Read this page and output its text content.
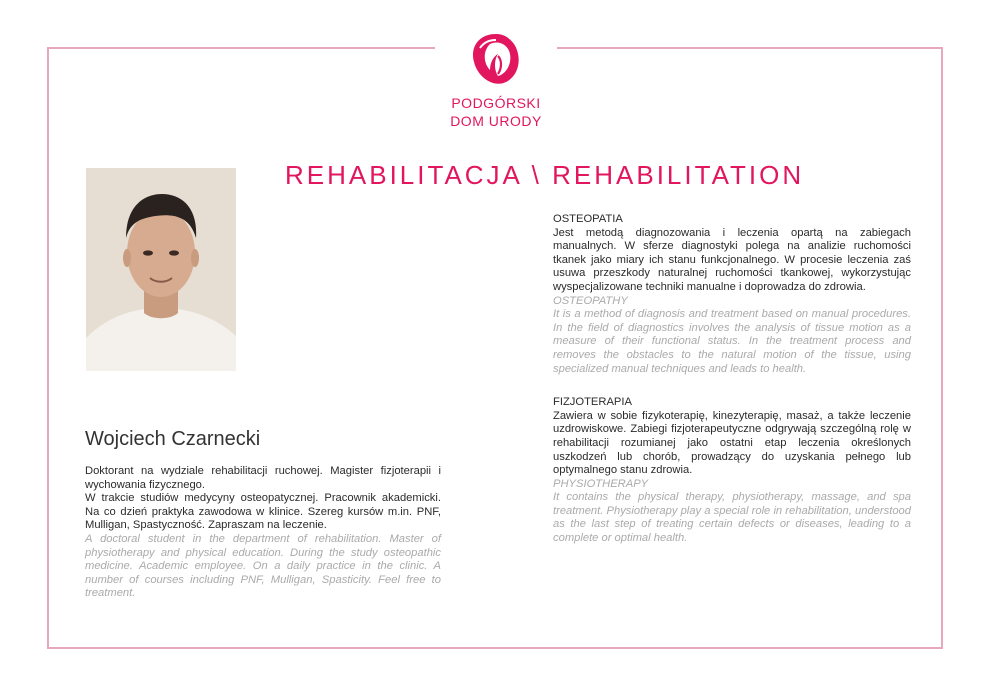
PODGÓRSKI
DOM URODY
REHABILITACJA \ REHABILITATION
Wojciech Czarnecki

Doktorant na wydziale rehabilitacji ruchowej. Magister fizjoterapii i wychowania fizycznego.

W trakcie studiów medycyny osteopatycznej. Pracownik akademicki. Na co dzień praktyka zawodowa w klinice. Szereg kursów m.in. PNF, Mulligan, Spastyczność. Zapraszam na leczenie.

A doctoral student in the department of rehabilitation. Master of physiotherapy and physical education. During the study osteopathic medicine. Academic employee. On a daily practice in the clinic. A number of courses including PNF, Mulligan, Spasticity. Feel free to treatment.

OSTEOPATIA

Jest metodą diagnozowania i leczenia opartą na zabiegach manualnych. W sferze diagnostyki polega na analizie ruchomości tkanek jako miary ich stanu funkcjonalnego. W procesie leczenia zaś usuwa przeszkody naturalnej ruchomości tkankowej, wykorzystując wyspecjalizowane techniki manualne i doprowadza do zdrowia.

OSTEOPATHY

It is a method of diagnosis and treatment based on manual procedures. In the field of diagnostics involves the analysis of tissue motion as a measure of their functional status. In the treatment process and removes the obstacles to the natural motion of the tissue, using specialized manual techniques and leads to health.

FIZJOTERAPIA

Zawiera w sobie fizykoterapię, kinezyterapię, masaż, a także leczenie uzdrowiskowe. Zabiegi fizjoterapeutyczne odgrywają szczególną rolę w rehabilitacji rozumianej jako ostatni etap leczenia określonych uszkodzeń lub chorób, prowadzący do uzyskania pełnego lub optymalnego stanu zdrowia.

PHYSIOTHERAPY

It contains the physical therapy, physiotherapy, massage, and spa treatment. Physiotherapy play a special role in rehabilitation, understood as the last step of treating certain defects or diseases, leading to a complete or optimal health.
